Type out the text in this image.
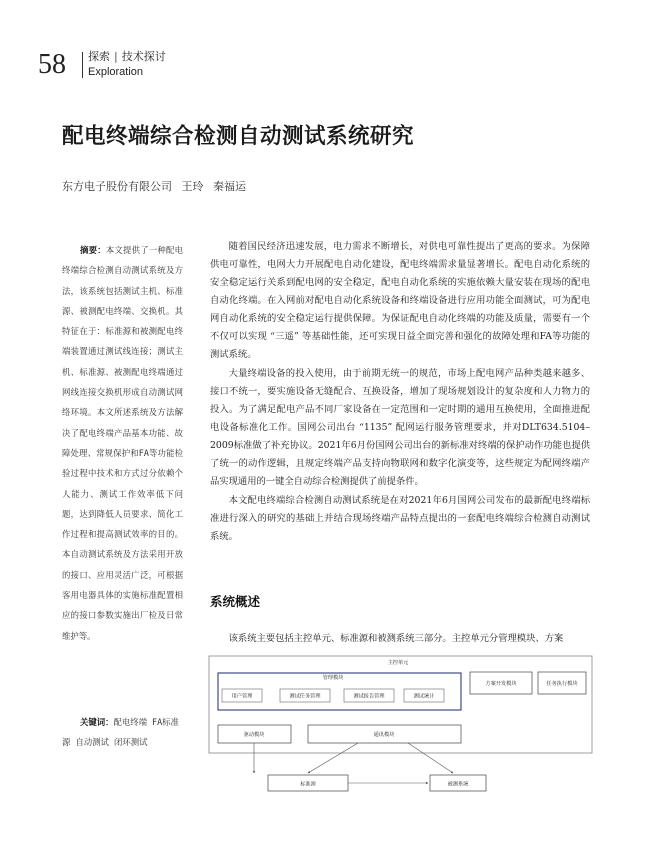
58 探索 | 技术探讨
Exploration
配电终端综合检测自动测试系统研究
东方电子股份有限公司 王玲 秦福运
摘要：本文提供了一种配电终端综合检测自动测试系统及方法，该系统包括测试主机、标准源、被测配电终端、交换机。其特征在于：标准源和被测配电终端装置通过测试线连接；测试主机、标准源、被测配电终端通过网线连接交换机形成自动测试网络环境。本文所述系统及方法解决了配电终端产品基本功能、故障处理、常规保护和FA等功能检验过程中技术和方式过分依赖个人能力、测试工作效率低下问题，达到降低人员要求、简化工作过程和提高测试效率的目的。本自动测试系统及方法采用开放的接口、应用灵活广泛，可根据客用电器具体的实施标准配置相应的接口参数实施出厂检及日常维护等。
关键词：配电终端 FA标准源 自动测试 闭环测试

随着国民经济迅速发展，电力需求不断增长，对供电可靠性提出了更高的要求。为保障供电可靠性，电网大力开展配电自动化建设，配电终端需求量显著增长。配电自动化系统的安全稳定运行关系到配电网的安全稳定，配电自动化系统的实施依赖大量安装在现场的配电自动化终端。在入网前对配电自动化系统设备和终端设备进行应用功能全面测试，可为配电网自动化系统的安全稳定运行提供保障。为保证配电自动化终端的功能及质量，需要有一个不仅可以实现 “三遥” 等基础性能，还可实现日益全面完善和强化的故障处理和FA等功能的测试系统。

大量终端设备的投入使用，由于前期无统一的规范，市场上配电网产品种类越来越多、接口不统一，要实施设备无缝配合、互换设备，增加了现场规划设计的复杂度和人力物力的投入。为了满足配电产品不同厂家设备在一定范围和一定时期的通用互换使用，全面推进配电设备标准化工作。国网公司出台 “1135” 配网运行服务管理要求，并对DLT634.5104–2009标准做了补充协议。2021年6月份国网公司出台的新标准对终端的保护动作功能也提供了统一的动作逻辑，且规定终端产品支持向物联网和数字化演变等，这些规定为配网终端产品实现通用的一键全自动综合检测提供了前提条件。

本文配电终端综合检测自动测试系统是在对2021年6月国网公司发布的最新配电终端标准进行深入的研究的基础上并结合现场终端产品特点提出的一套配电终端综合检测自动测试系统。

系统概述

该系统主要包括主控单元、标准源和被测系统三部分。主控单元分管理模块、方案

主控单元
管理模块
用户管理	测试任务管理	测试报告管理	测试统计
方案开发模块	任务执行模块
驱动模块	通讯模块
标准源	被测系统
